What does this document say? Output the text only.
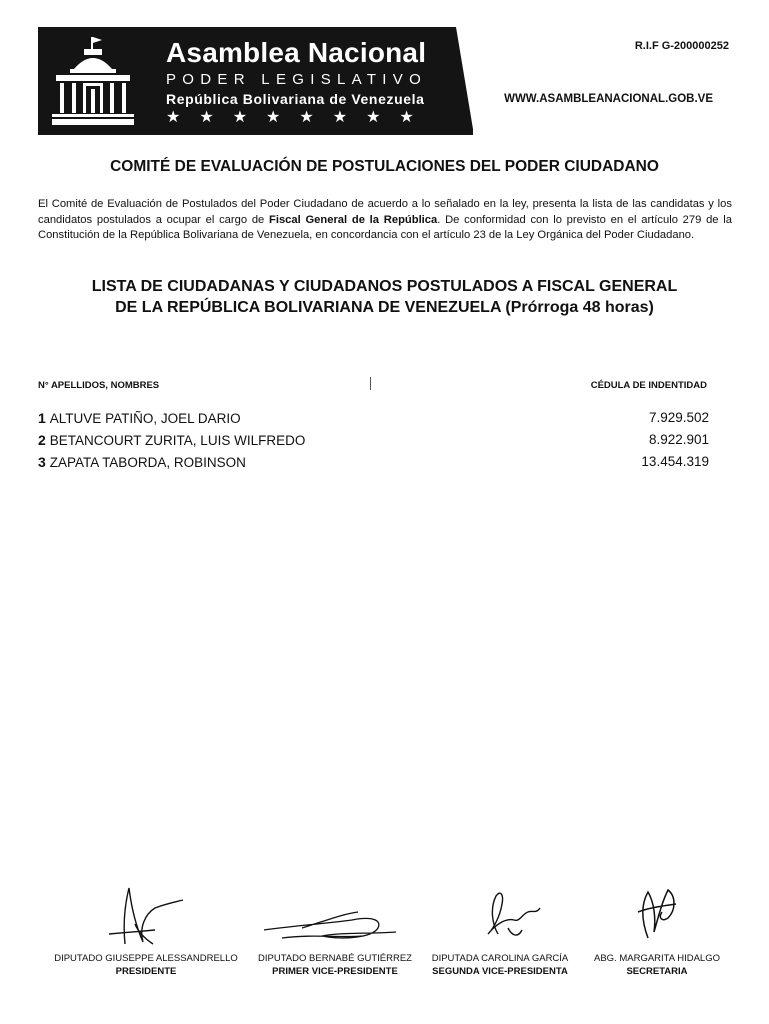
Asamblea Nacional
PODER LEGISLATIVO
República Bolivariana de Venezuela
★★★★★★★★
R.I.F G-200000252
WWW.ASAMBLEANACIONAL.GOB.VE
COMITÉ DE EVALUACIÓN DE POSTULACIONES DEL PODER CIUDADANO
El Comité de Evaluación de Postulados del Poder Ciudadano de acuerdo a lo señalado en la ley, presenta la lista de las candidatas y los candidatos postulados a ocupar el cargo de Fiscal General de la República. De conformidad con lo previsto en el artículo 279 de la Constitución de la República Bolivariana de Venezuela, en concordancia con el artículo 23 de la Ley Orgánica del Poder Ciudadano.
LISTA DE CIUDADANAS Y CIUDADANOS POSTULADOS A FISCAL GENERAL
DE LA REPÚBLICA BOLIVARIANA DE VENEZUELA (Prórroga 48 horas)
N° APELLIDOS, NOMBRES	CÉDULA DE INDENTIDAD
1 ALTUVE PATIÑO, JOEL DARIO	7.929.502
2 BETANCOURT ZURITA, LUIS WILFREDO	8.922.901
3 ZAPATA TABORDA, ROBINSON	13.454.319
DIPUTADO GIUSEPPE ALESSANDRELLO
PRESIDENTE
DIPUTADO BERNABÉ GUTIÉRREZ
PRIMER VICE-PRESIDENTE
DIPUTADA CAROLINA GARCÍA
SEGUNDA VICE-PRESIDENTA
ABG. MARGARITA HIDALGO
SECRETARIA
